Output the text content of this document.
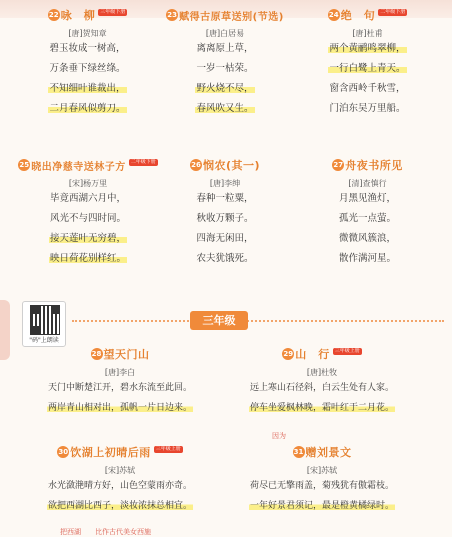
22 咏　柳	三年级下册
[唐]贺知章
碧玉妆成一树高，
万条垂下绿丝绦。
不知细叶谁裁出，
二月春风似剪刀。
23 赋得古原草送别(节选)
[唐]白居易
离离原上草，
一岁一枯荣。
野火烧不尽，
春风吹又生。
24 绝　句	二年级下册
[唐]杜甫
两个黄鹂鸣翠柳，
一行白鹭上青天。
窗含西岭千秋雪，
门泊东吴万里船。
25 晓出净慈寺送林子方	二年级下册
[宋]杨万里
毕竟西湖六月中，
风光不与四时同。
接天莲叶无穷碧，
映日荷花别样红。
26 悯农(其一)
[唐]李绅
春种一粒粟，
秋收万颗子。
四海无闲田，
农夫犹饿死。
27 舟夜书所见
[清]查慎行
月黑见渔灯，
孤光一点萤。
微微风簇浪，
散作满河星。
三年级
"码"上朗读
28 望天门山
[唐]李白
天门中断楚江开，碧水东流至此回。
两岸青山相对出，孤帆一片日边来。
29 山　行	三年级上册
[唐]杜牧
远上寒山石径斜，白云生处有人家。
停车坐爱枫林晚，霜叶红于二月花。
因为
30 饮湖上初晴后雨	三年级上册
[宋]苏轼
水光潋滟晴方好，山色空蒙雨亦奇。
欲把西湖比西子，淡妆浓抹总相宜。
把西湖　　比作古代美女西施
31 赠刘景文
[宋]苏轼
荷尽已无擎雨盖，菊残犹有傲霜枝。
一年好景君须记，最是橙黄橘绿时。
